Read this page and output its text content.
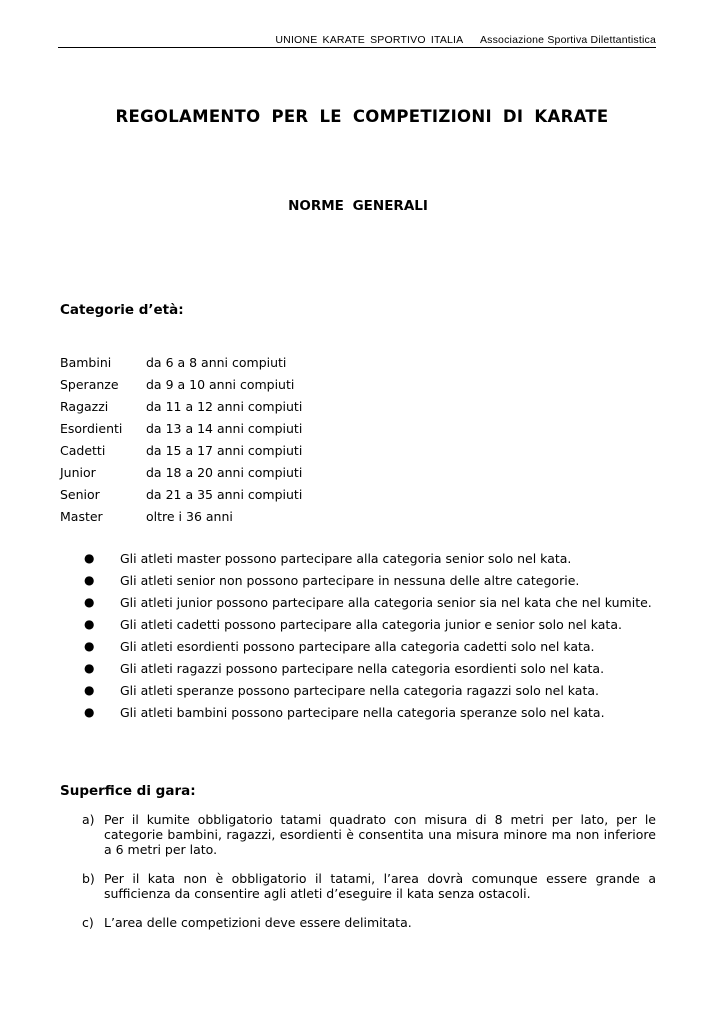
UNIONE KARATE SPORTIVO ITALIA Associazione Sportiva Dilettantistica
REGOLAMENTO PER LE COMPETIZIONI DI KARATE
NORME GENERALI
Categorie d’età:
Bambini	da 6 a 8 anni compiuti
Speranze	da 9 a 10 anni compiuti
Ragazzi	da 11 a 12 anni compiuti
Esordienti	da 13 a 14 anni compiuti
Cadetti	da 15 a 17 anni compiuti
Junior	da 18 a 20 anni compiuti
Senior	da 21 a 35 anni compiuti
Master	oltre i 36 anni
●	Gli atleti master possono partecipare alla categoria senior solo nel kata.
●	Gli atleti senior non possono partecipare in nessuna delle altre categorie.
●	Gli atleti junior possono partecipare alla categoria senior sia nel kata che nel kumite.
●	Gli atleti cadetti possono partecipare alla categoria junior e senior solo nel kata.
●	Gli atleti esordienti possono partecipare alla categoria cadetti solo nel kata.
●	Gli atleti ragazzi possono partecipare nella categoria esordienti solo nel kata.
●	Gli atleti speranze possono partecipare nella categoria ragazzi solo nel kata.
●	Gli atleti bambini possono partecipare nella categoria speranze solo nel kata.
Superfice di gara:
a) Per il kumite obbligatorio tatami quadrato con misura di 8 metri per lato, per le categorie bambini, ragazzi, esordienti è consentita una misura minore ma non inferiore a 6 metri per lato.
b) Per il kata non è obbligatorio il tatami, l’area dovrà comunque essere grande a sufficienza da consentire agli atleti d’eseguire il kata senza ostacoli.
c) L’area delle competizioni deve essere delimitata.
